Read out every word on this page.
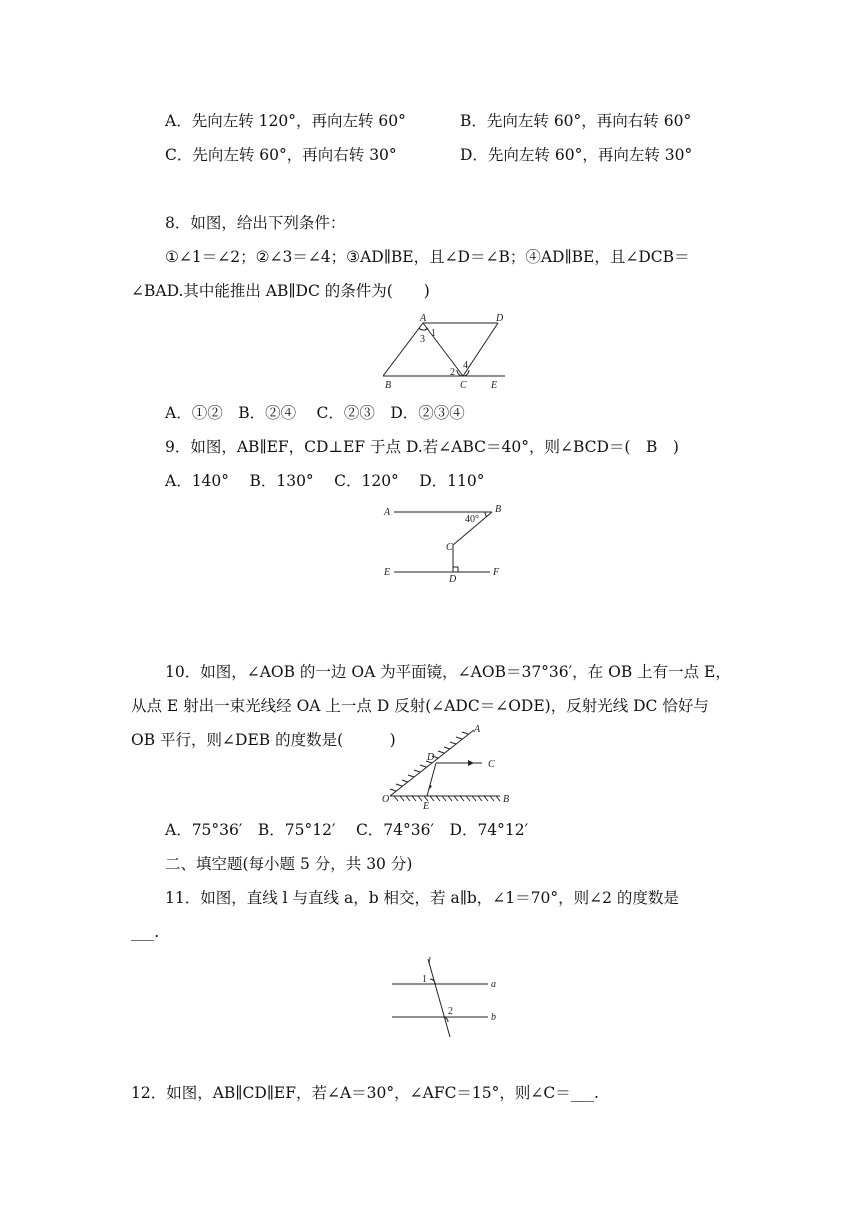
A．先向左转 120°，再向左转 60°	B．先向左转 60°，再向右转 60°
C．先向左转 60°，再向右转 30°	D．先向左转 60°，再向左转 30°
8．如图，给出下列条件：
①∠1＝∠2；②∠3＝∠4；③AD∥BE，且∠D＝∠B；④AD∥BE，且∠DCB＝
∠BAD.其中能推出 AB∥DC 的条件为(　　)
A	D
B	C E
1
3
2
4
A．①②　B．②④　 C．②③　D．②③④
9．如图，AB∥EF，CD⊥EF 于点 D.若∠ABC＝40°，则∠BCD＝(　B　)
A．140°　 B．130°　 C．120°　 D．110°
A	B
40°
C
D
E	F
10．如图，∠AOB 的一边 OA 为平面镜，∠AOB＝37°36′，在 OB 上有一点 E，
从点 E 射出一束光线经 OA 上一点 D 反射(∠ADC＝∠ODE)，反射光线 DC 恰好与
OB 平行，则∠DEB 的度数是(　　　)
A
D
C
O
E
B
A．75°36′　B．75°12′　 C．74°36′　D．74°12′
二、填空题(每小题 5 分，共 30 分)
11．如图，直线 l 与直线 a，b 相交，若 a∥b，∠1＝70°，则∠2 的度数是
___.
l
1
2
a
b
12．如图，AB∥CD∥EF，若∠A＝30°，∠AFC＝15°，则∠C＝___.
